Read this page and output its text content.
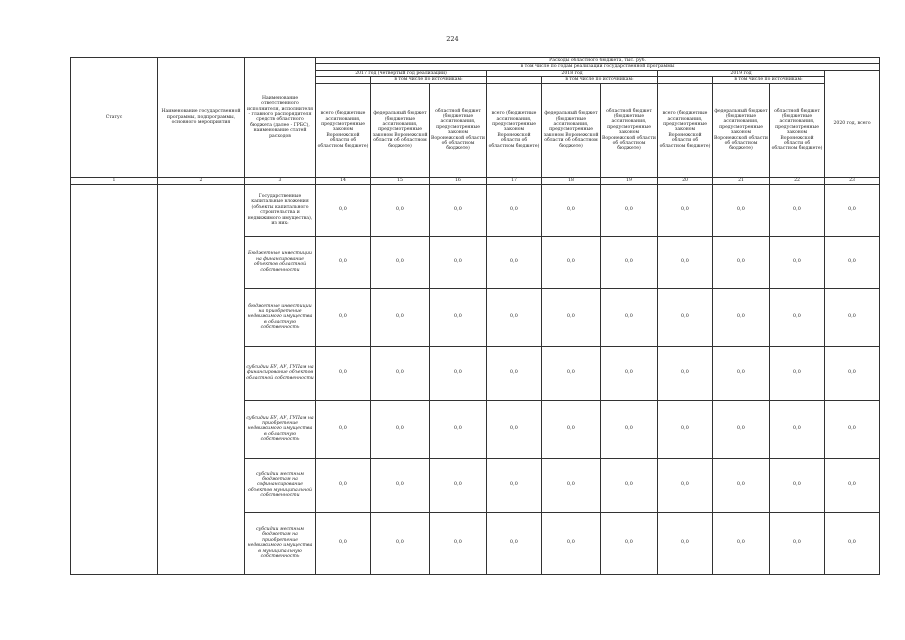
224
Статус	Наименование государственной программы, подпрограммы, основного мероприятия	Наименование ответственного исполнителя, исполнителя - главного распорядителя средств областного бюджета (далее - ГРБС), наименование статей расходов	Расходы областного бюджета, тыс. руб.									
			в том числе по годам реализации государственной программы									
			2017 год (четвертый год реализации)			2018 год			2019 год			2020 год, всего
				в том числе по источникам:			в том числе по источникам:			в том числе по источникам:		
			всего (бюджетные ассигнования, предусмотренные законом Воронежской области об областном бюджете)	федеральный бюджет (бюджетные ассигнования, предусмотренные законом Воронежской области об областном бюджете)	областной бюджет (бюджетные ассигнования, предусмотренные законом Воронежской области об областном бюджете)	всего (бюджетные ассигнования, предусмотренные законом Воронежской области об областном бюджете)	федеральный бюджет (бюджетные ассигнования, предусмотренные законом Воронежской области об областном бюджете)	областной бюджет (бюджетные ассигнования, предусмотренные законом Воронежской области об областном бюджете)	всего (бюджетные ассигнования, предусмотренные законом Воронежской области об областном бюджете)	федеральный бюджет (бюджетные ассигнования, предусмотренные законом Воронежской области об областном бюджете)	областной бюджет (бюджетные ассигнования, предусмотренные законом Воронежской области об областном бюджете)	
1	2	3	14	15	16	17	18	19	20	21	22	23
		Государственные капитальные вложения (объекты капитального строительства и недвижимого имущества), из них:	0,0	0,0	0,0	0,0	0,0	0,0	0,0	0,0	0,0	0,0
		Бюджетные инвестиции на финансирование объектов областной собственности	0,0	0,0	0,0	0,0	0,0	0,0	0,0	0,0	0,0	0,0
		бюджетные инвестиции на приобретение недвижимого имущества в областную собственность	0,0	0,0	0,0	0,0	0,0	0,0	0,0	0,0	0,0	0,0
		субсидии БУ, АУ, ГУПам на финансирование объектов областной собственности	0,0	0,0	0,0	0,0	0,0	0,0	0,0	0,0	0,0	0,0
		субсидии БУ, АУ, ГУПам на приобретение недвижимого имущества в областную собственность	0,0	0,0	0,0	0,0	0,0	0,0	0,0	0,0	0,0	0,0
		субсидии местным бюджетам на софинансирование объектов муниципальной собственности	0,0	0,0	0,0	0,0	0,0	0,0	0,0	0,0	0,0	0,0
		субсидии местным бюджетам на приобретение недвижимого имущества в муниципальную собственность	0,0	0,0	0,0	0,0	0,0	0,0	0,0	0,0	0,0	0,0
